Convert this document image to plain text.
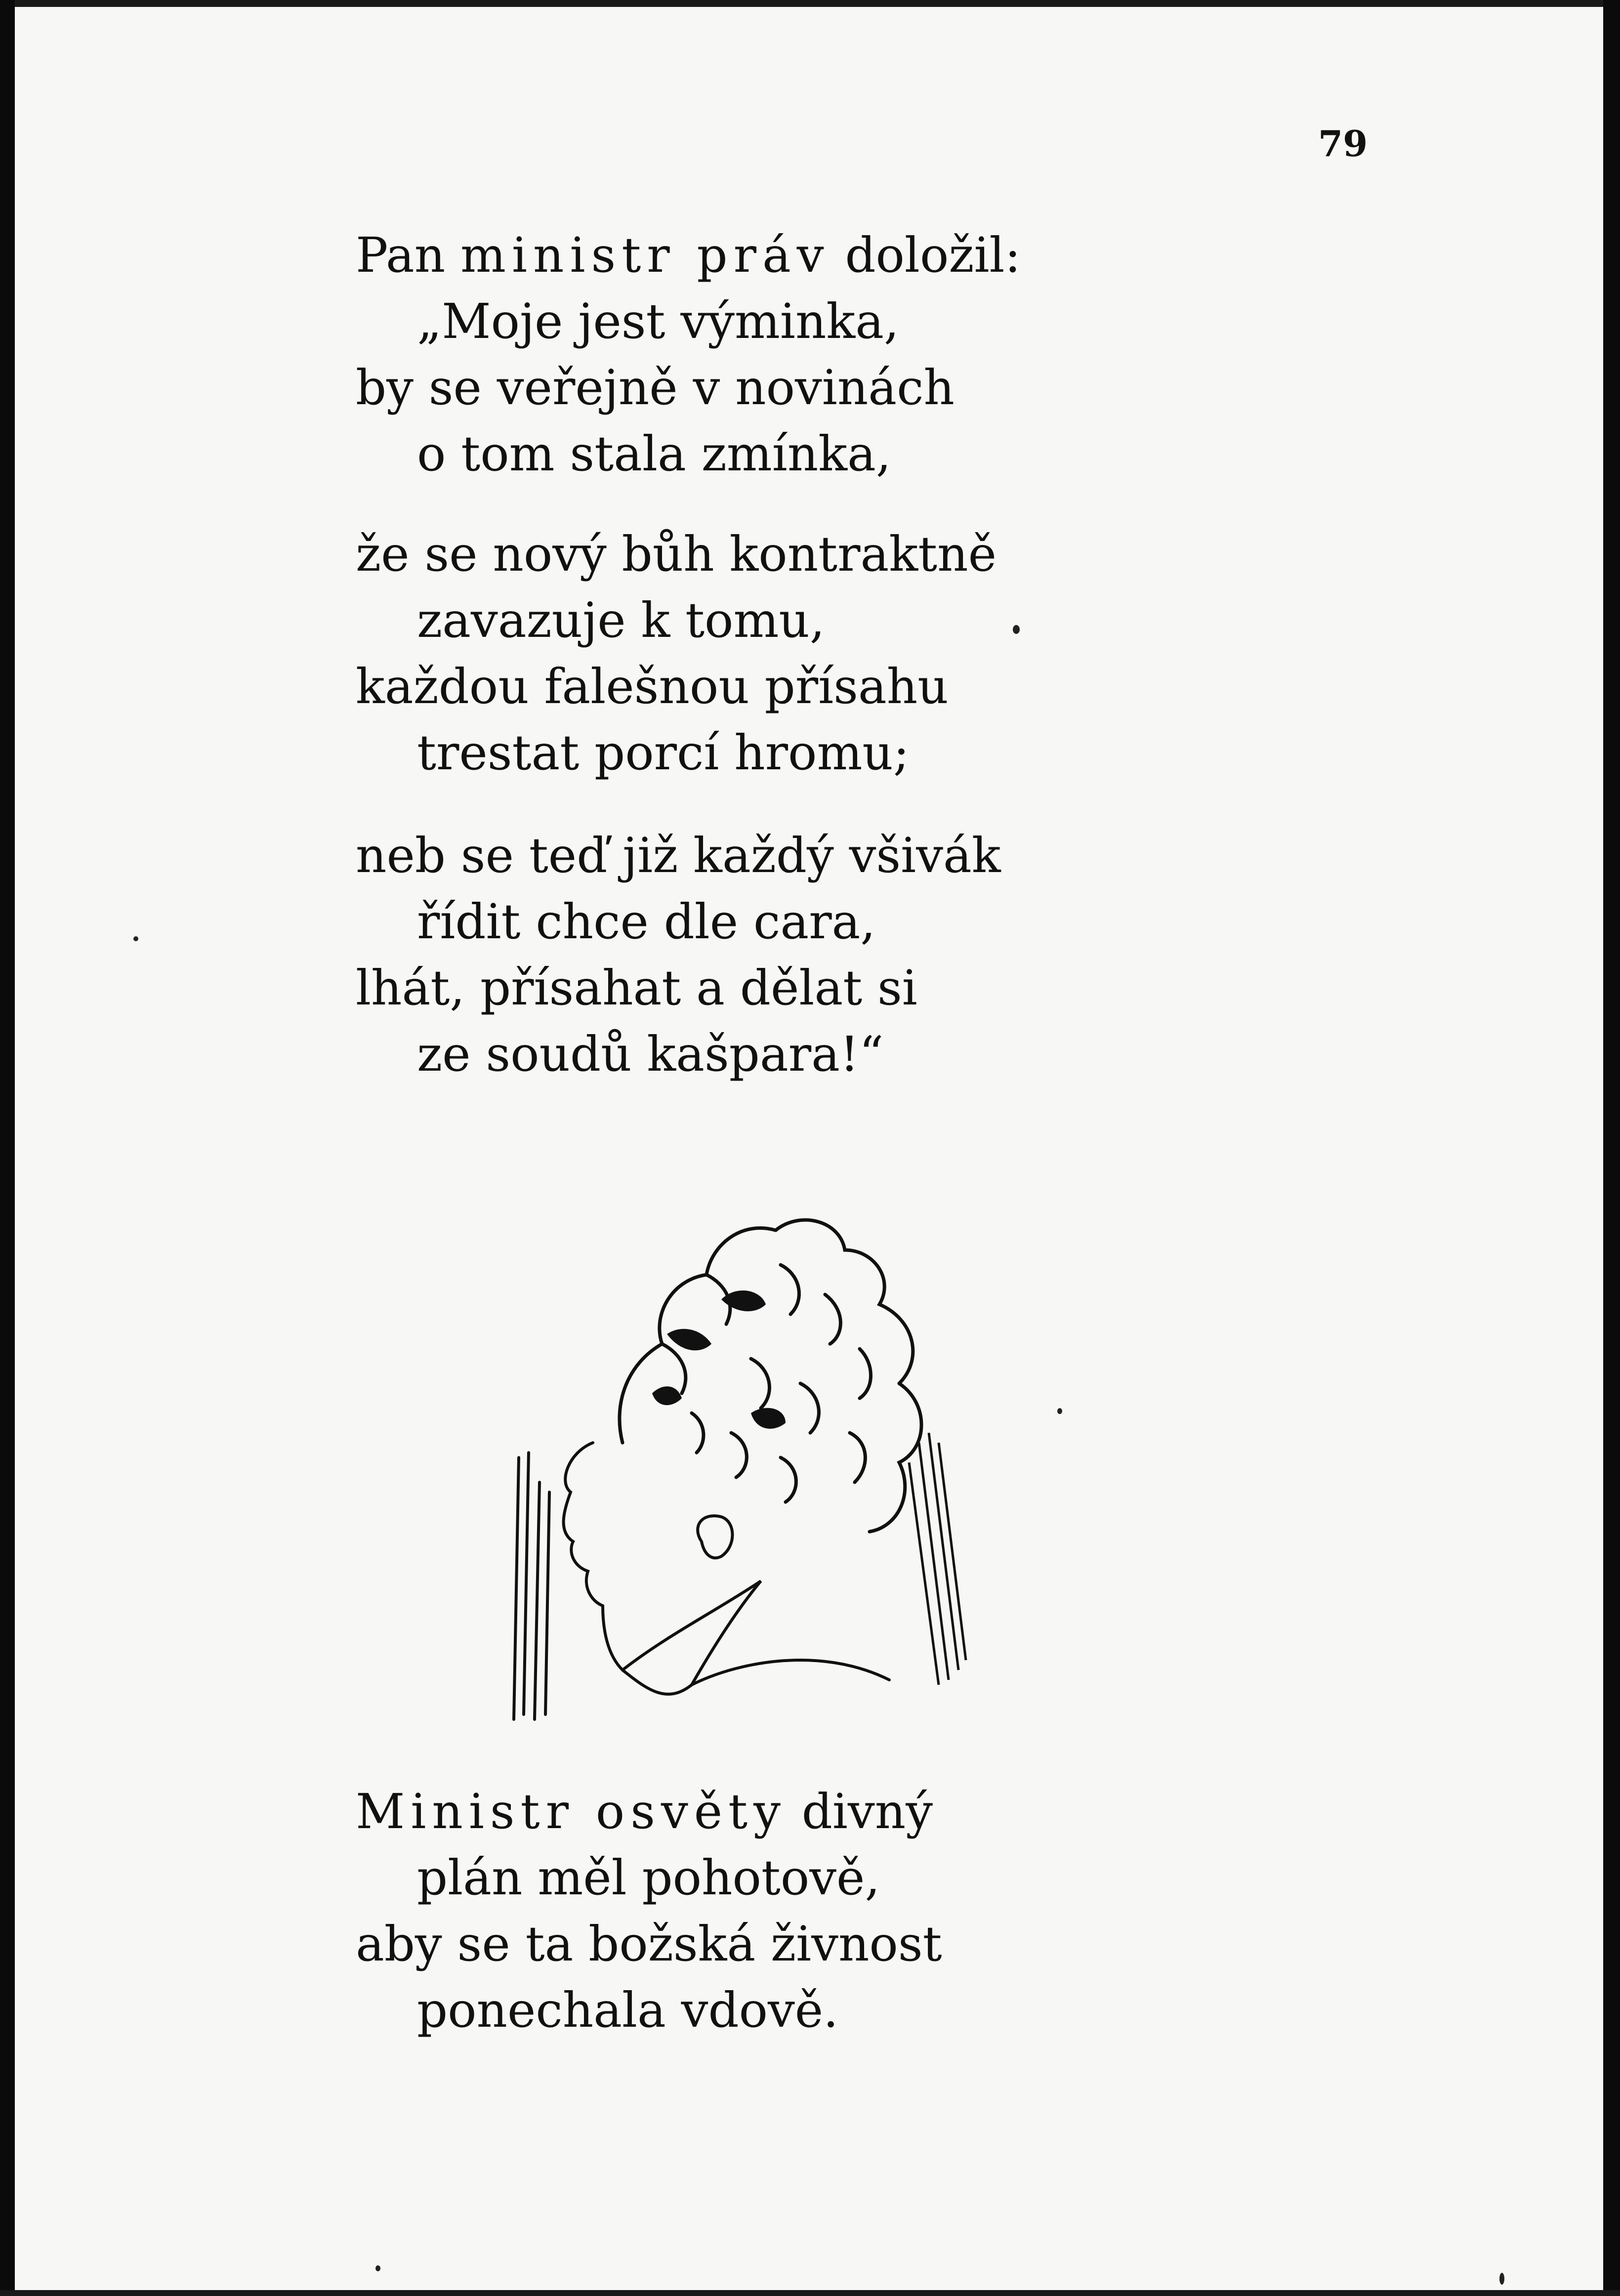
79
Pan ministr práv doložil:
„Moje jest výminka,
by se veřejně v novinách
o tom stala zmínka,
že se nový bůh kontraktně
zavazuje k tomu,
každou falešnou přísahu
trestat porcí hromu;
neb se teď již každý všivák
řídit chce dle cara,
lhát, přísahat a dělat si
ze soudů kašpara!“
Ministr osvěty divný
plán měl pohotově,
aby se ta božská živnost
ponechala vdově.
